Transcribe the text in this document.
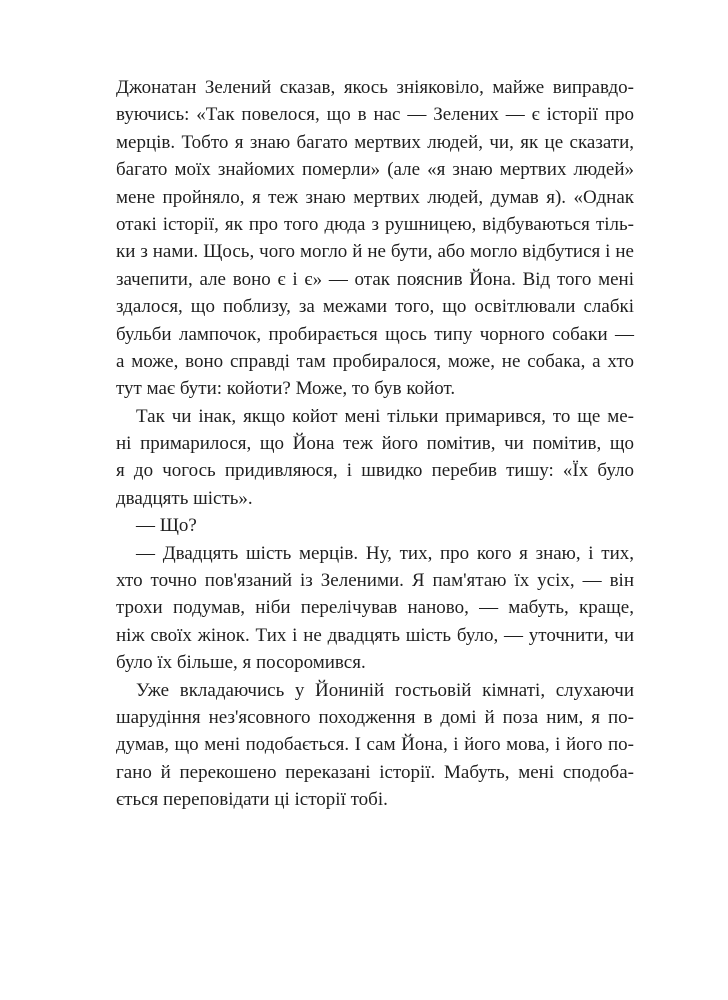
Джонатан Зелений сказав, якось зніяковіло, майже виправдо-
вуючись: «Так повелося, що в нас — Зелених — є історії про
мерців. Тобто я знаю багато мертвих людей, чи, як це сказати,
багато моїх знайомих померли» (але «я знаю мертвих людей»
мене пройняло, я теж знаю мертвих людей, думав я). «Однак
отакі історії, як про того дюда з рушницею, відбуваються тіль-
ки з нами. Щось, чого могло й не бути, або могло відбутися і не
зачепити, але воно є і є» — отак пояснив Йона. Від того мені
здалося, що поблизу, за межами того, що освітлювали слабкі
бульби лампочок, пробирається щось типу чорного собаки —
а може, воно справді там пробиралося, може, не собака, а хто
тут має бути: койоти? Може, то був койот.
Так чи інак, якщо койот мені тільки примарився, то ще ме-
ні примарилося, що Йона теж його помітив, чи помітив, що
я до чогось придивляюся, і швидко перебив тишу: «Їх було
двадцять шість».
— Що?
— Двадцять шість мерців. Ну, тих, про кого я знаю, і тих,
хто точно пов'язаний із Зеленими. Я пам'ятаю їх усіх, — він
трохи подумав, ніби перелічував наново, — мабуть, краще,
ніж своїх жінок. Тих і не двадцять шість було, — уточнити, чи
було їх більше, я посоромився.
Уже вкладаючись у Йониній гостьовій кімнаті, слухаючи
шарудіння нез'ясовного походження в домі й поза ним, я по-
думав, що мені подобається. І сам Йона, і його мова, і його по-
гано й перекошено переказані історії. Мабуть, мені сподоба-
ється переповідати ці історії тобі.
